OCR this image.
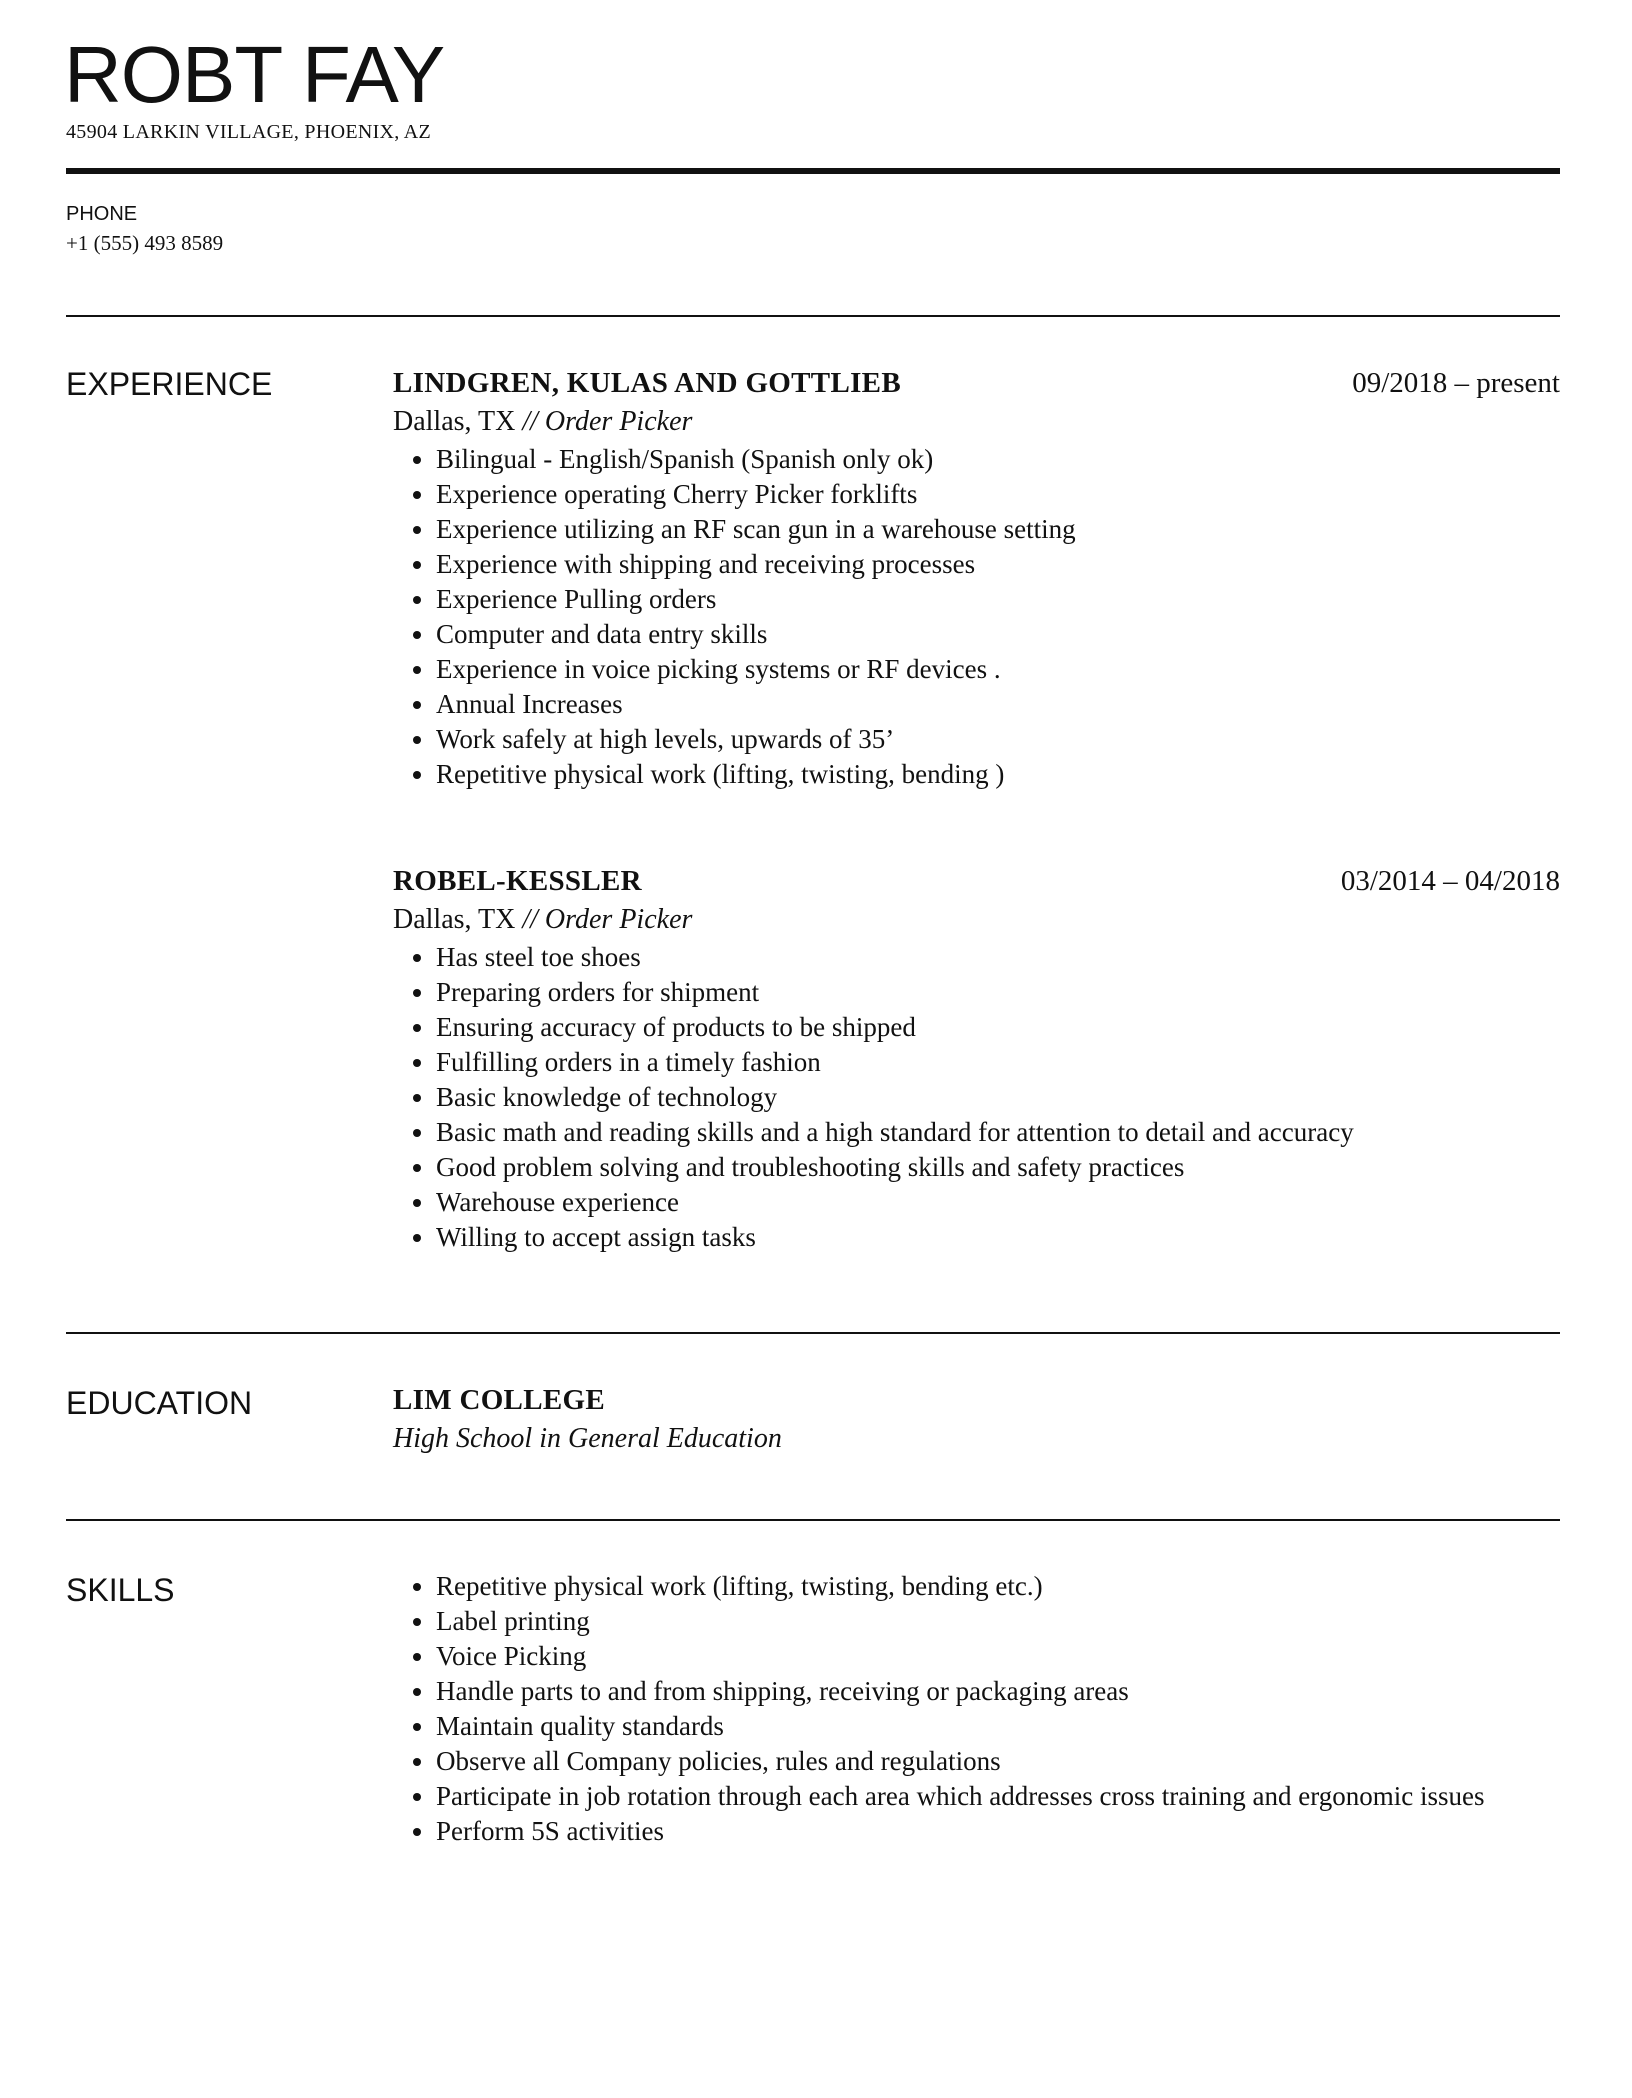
ROBT FAY
45904 LARKIN VILLAGE, PHOENIX, AZ
PHONE
+1 (555) 493 8589
EXPERIENCE	LINDGREN, KULAS AND GOTTLIEB	09/2018 – present
Dallas, TX // Order Picker
• Bilingual - English/Spanish (Spanish only ok)
• Experience operating Cherry Picker forklifts
• Experience utilizing an RF scan gun in a warehouse setting
• Experience with shipping and receiving processes
• Experience Pulling orders
• Computer and data entry skills
• Experience in voice picking systems or RF devices .
• Annual Increases
• Work safely at high levels, upwards of 35’
• Repetitive physical work (lifting, twisting, bending )
ROBEL-KESSLER	03/2014 – 04/2018
Dallas, TX // Order Picker
• Has steel toe shoes
• Preparing orders for shipment
• Ensuring accuracy of products to be shipped
• Fulfilling orders in a timely fashion
• Basic knowledge of technology
• Basic math and reading skills and a high standard for attention to detail and accuracy
• Good problem solving and troubleshooting skills and safety practices
• Warehouse experience
• Willing to accept assign tasks
EDUCATION	LIM COLLEGE
High School in General Education
SKILLS	• Repetitive physical work (lifting, twisting, bending etc.)
• Label printing
• Voice Picking
• Handle parts to and from shipping, receiving or packaging areas
• Maintain quality standards
• Observe all Company policies, rules and regulations
• Participate in job rotation through each area which addresses cross training and ergonomic issues
• Perform 5S activities
